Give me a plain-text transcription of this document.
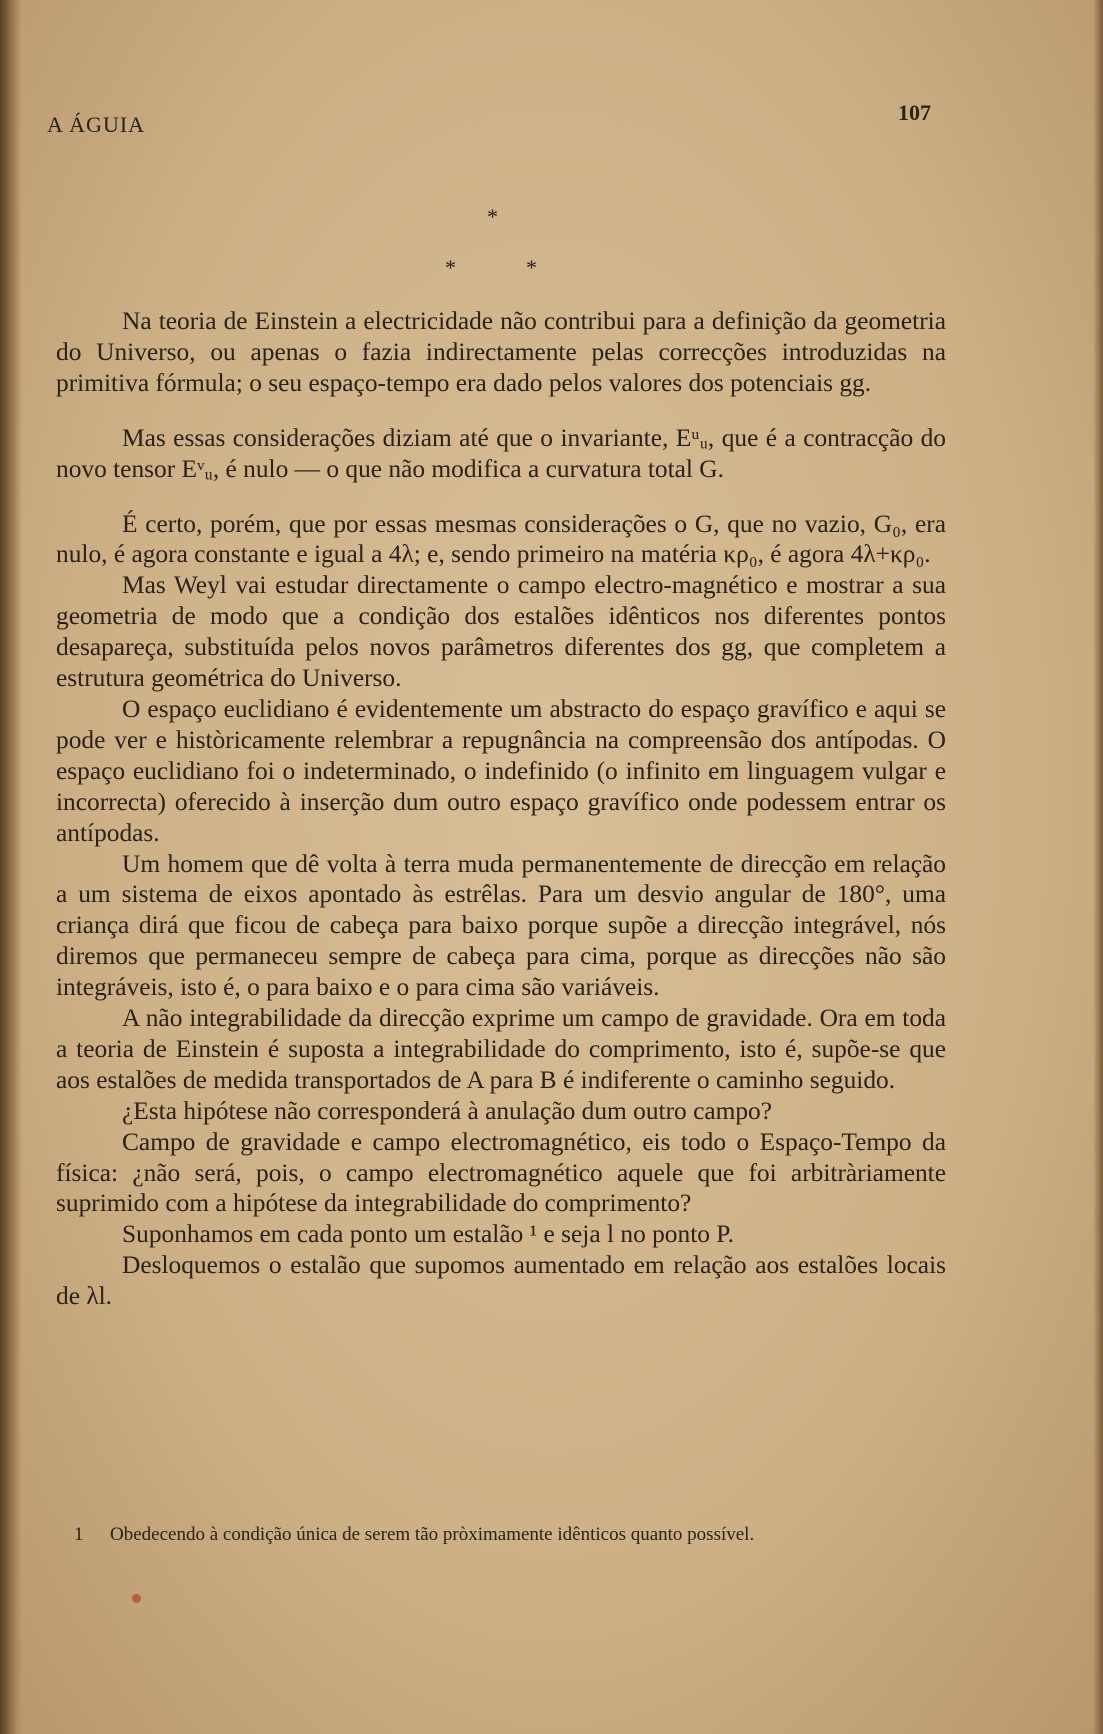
A ÁGUIA	107
*
*	*

Na teoria de Einstein a electricidade não contribui para a definição da geometria do Universo, ou apenas o fazia indirectamente pelas correcções introduzidas na primitiva fórmula; o seu espaço-tempo era dado pelos valores dos potenciais gg.

Mas essas considerações diziam até que o invariante, Eᵘᵤ, que é a contracção do novo tensor Eᵛᵤ, é nulo — o que não modifica a curvatura total G.

É certo, porém, que por essas mesmas considerações o G, que no vazio, G₀, era nulo, é agora constante e igual a 4λ; e, sendo primeiro na matéria κρ₀, é agora 4λ+κρ₀.

Mas Weyl vai estudar directamente o campo electro-magnético e mostrar a sua geometria de modo que a condição dos estalões idênticos nos diferentes pontos desapareça, substituída pelos novos parâmetros diferentes dos gg, que completem a estrutura geométrica do Universo.

O espaço euclidiano é evidentemente um abstracto do espaço gravífico e aqui se pode ver e històricamente relembrar a repugnância na compreensão dos antípodas. O espaço euclidiano foi o indeterminado, o indefinido (o infinito em linguagem vulgar e incorrecta) oferecido à inserção dum outro espaço gravífico onde podessem entrar os antípodas.

Um homem que dê volta à terra muda permanentemente de direcção em relação a um sistema de eixos apontado às estrêlas. Para um desvio angular de 180°, uma criança dirá que ficou de cabeça para baixo porque supõe a direcção integrável, nós diremos que permaneceu sempre de cabeça para cima, porque as direcções não são integráveis, isto é, o para baixo e o para cima são variáveis.

A não integrabilidade da direcção exprime um campo de gravidade. Ora em toda a teoria de Einstein é suposta a integrabilidade do comprimento, isto é, supõe-se que aos estalões de medida transportados de A para B é indiferente o caminho seguido.

¿Esta hipótese não corresponderá à anulação dum outro campo?

Campo de gravidade e campo electromagnético, eis todo o Espaço-Tempo da física: ¿não será, pois, o campo electromagnético aquele que foi arbitràriamente suprimido com a hipótese da integrabilidade do comprimento?

Suponhamos em cada ponto um estalão ¹ e seja l no ponto P.

Desloquemos o estalão que supomos aumentado em relação aos estalões locais de λl.

1 Obedecendo à condição única de serem tão pròximamente idênticos quanto possível.
